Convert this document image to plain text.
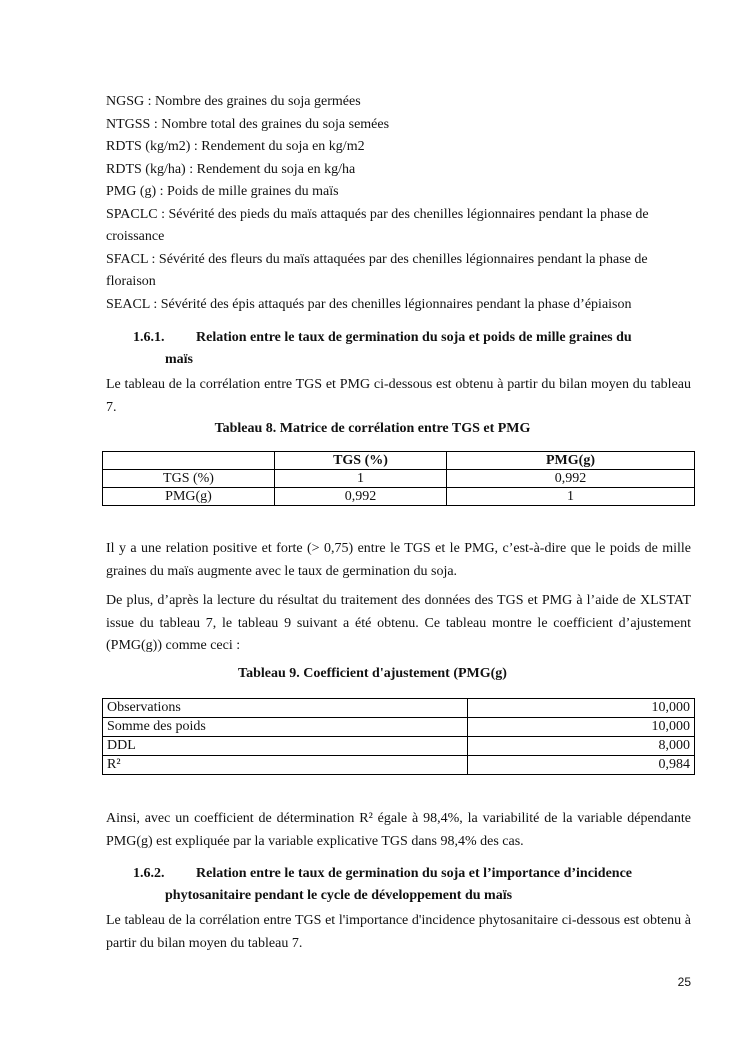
NGSG : Nombre des graines du soja germées

NTGSS : Nombre total des graines du soja semées

RDTS (kg/m2) : Rendement du soja en kg/m2

RDTS (kg/ha) : Rendement du soja en kg/ha

PMG (g) : Poids de mille graines du maïs

SPACLC : Sévérité des pieds du maïs attaqués par des chenilles légionnaires pendant la phase de croissance

SFACL : Sévérité des fleurs du maïs attaquées par des chenilles légionnaires pendant la phase de floraison

SEACL : Sévérité des épis attaqués par des chenilles légionnaires pendant la phase d’épiaison

1.6.1. Relation entre le taux de germination du soja et poids de mille graines du
maïs

Le tableau de la corrélation entre TGS et PMG ci-dessous est obtenu à partir du bilan moyen du tableau 7.

Tableau 8. Matrice de corrélation entre TGS et PMG
	TGS (%)	PMG(g)
TGS (%)	1	0,992
PMG(g)	0,992	1

Il y a une relation positive et forte (> 0,75) entre le TGS et le PMG, c’est-à-dire que le poids de mille graines du maïs augmente avec le taux de germination du soja.

De plus, d’après la lecture du résultat du traitement des données des TGS et PMG à l’aide de XLSTAT issue du tableau 7, le tableau 9 suivant a été obtenu. Ce tableau montre le coefficient d’ajustement (PMG(g)) comme ceci :

Tableau 9. Coefficient d'ajustement (PMG(g)
Observations	10,000
Somme des poids	10,000
DDL	8,000
R²	0,984

Ainsi, avec un coefficient de détermination R² égale à 98,4%, la variabilité de la variable dépendante PMG(g) est expliquée par la variable explicative TGS dans 98,4% des cas.

1.6.2. Relation entre le taux de germination du soja et l’importance d’incidence
phytosanitaire pendant le cycle de développement du maïs

Le tableau de la corrélation entre TGS et l'importance d'incidence phytosanitaire ci-dessous est obtenu à partir du bilan moyen du tableau 7.

25
